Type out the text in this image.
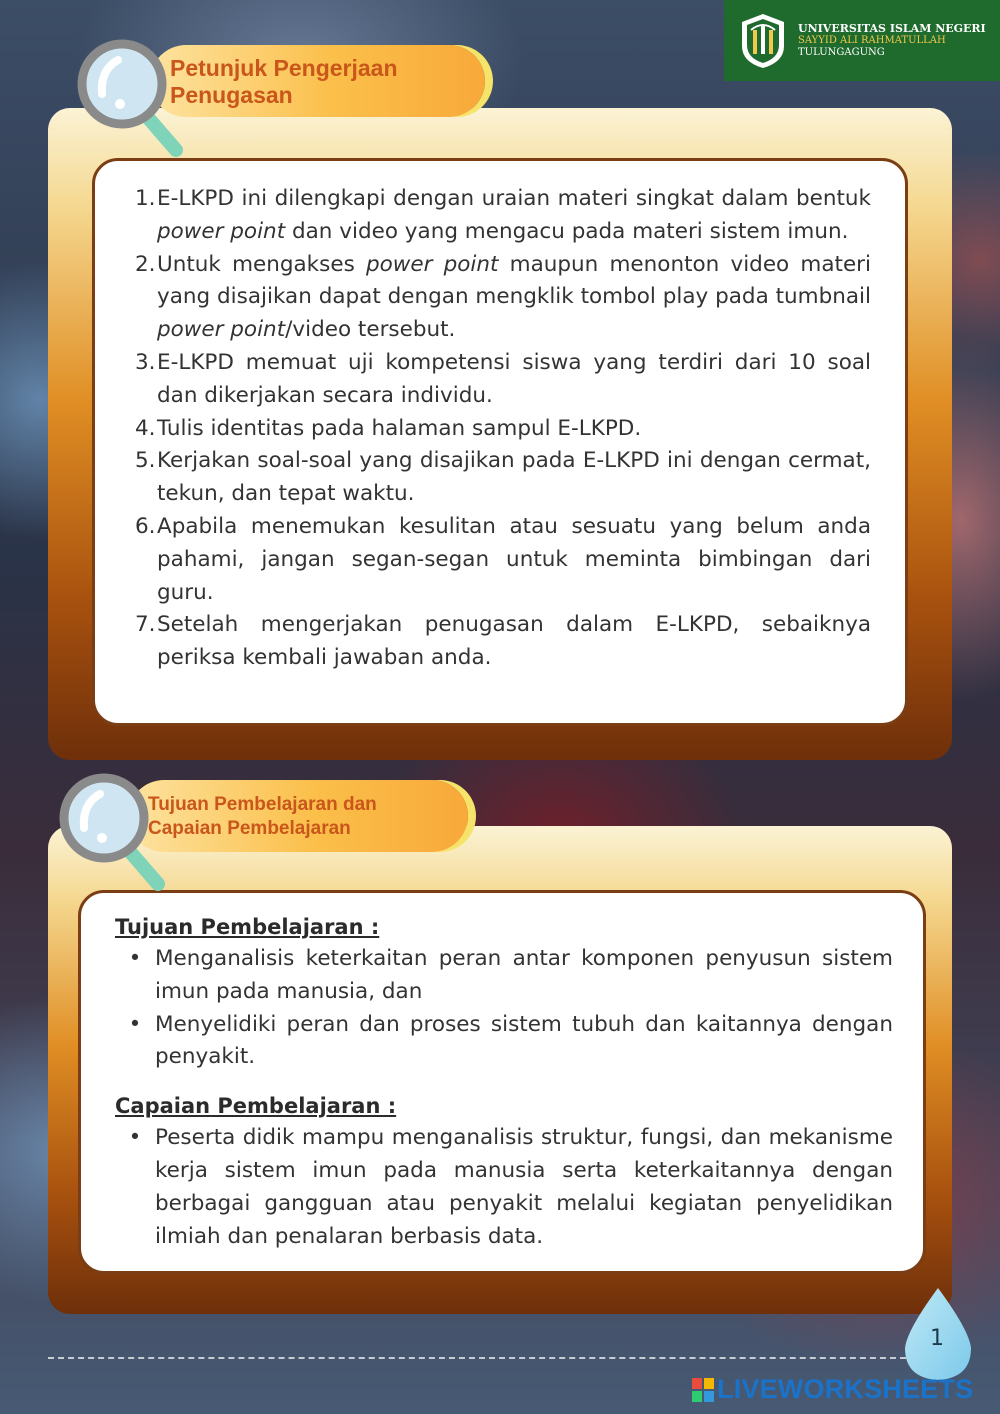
UNIVERSITAS ISLAM NEGERI
SAYYID ALI RAHMATULLAH
TULUNGAGUNG
1. E-LKPD ini dilengkapi dengan uraian materi singkat dalam bentuk power point dan video yang mengacu pada materi sistem imun.
2. Untuk mengakses power point maupun menonton video materi yang disajikan dapat dengan mengklik tombol play pada tumbnail power point/video tersebut.
3. E-LKPD memuat uji kompetensi siswa yang terdiri dari 10 soal dan dikerjakan secara individu.
4. Tulis identitas pada halaman sampul E-LKPD.
5. Kerjakan soal-soal yang disajikan pada E-LKPD ini dengan cermat, tekun, dan tepat waktu.
6. Apabila menemukan kesulitan atau sesuatu yang belum anda pahami, jangan segan-segan untuk meminta bimbingan dari guru.
7. Setelah mengerjakan penugasan dalam E-LKPD, sebaiknya periksa kembali jawaban anda.
Petunjuk Pengerjaan
Penugasan
Tujuan Pembelajaran :
• Menganalisis keterkaitan peran antar komponen penyusun sistem imun pada manusia, dan
• Menyelidiki peran dan proses sistem tubuh dan kaitannya dengan penyakit.
Capaian Pembelajaran :
• Peserta didik mampu menganalisis struktur, fungsi, dan mekanisme kerja sistem imun pada manusia serta keterkaitannya dengan berbagai gangguan atau penyakit melalui kegiatan penyelidikan ilmiah dan penalaran berbasis data.
Tujuan Pembelajaran dan
Capaian Pembelajaran
1
LIVEWORKSHEETS
